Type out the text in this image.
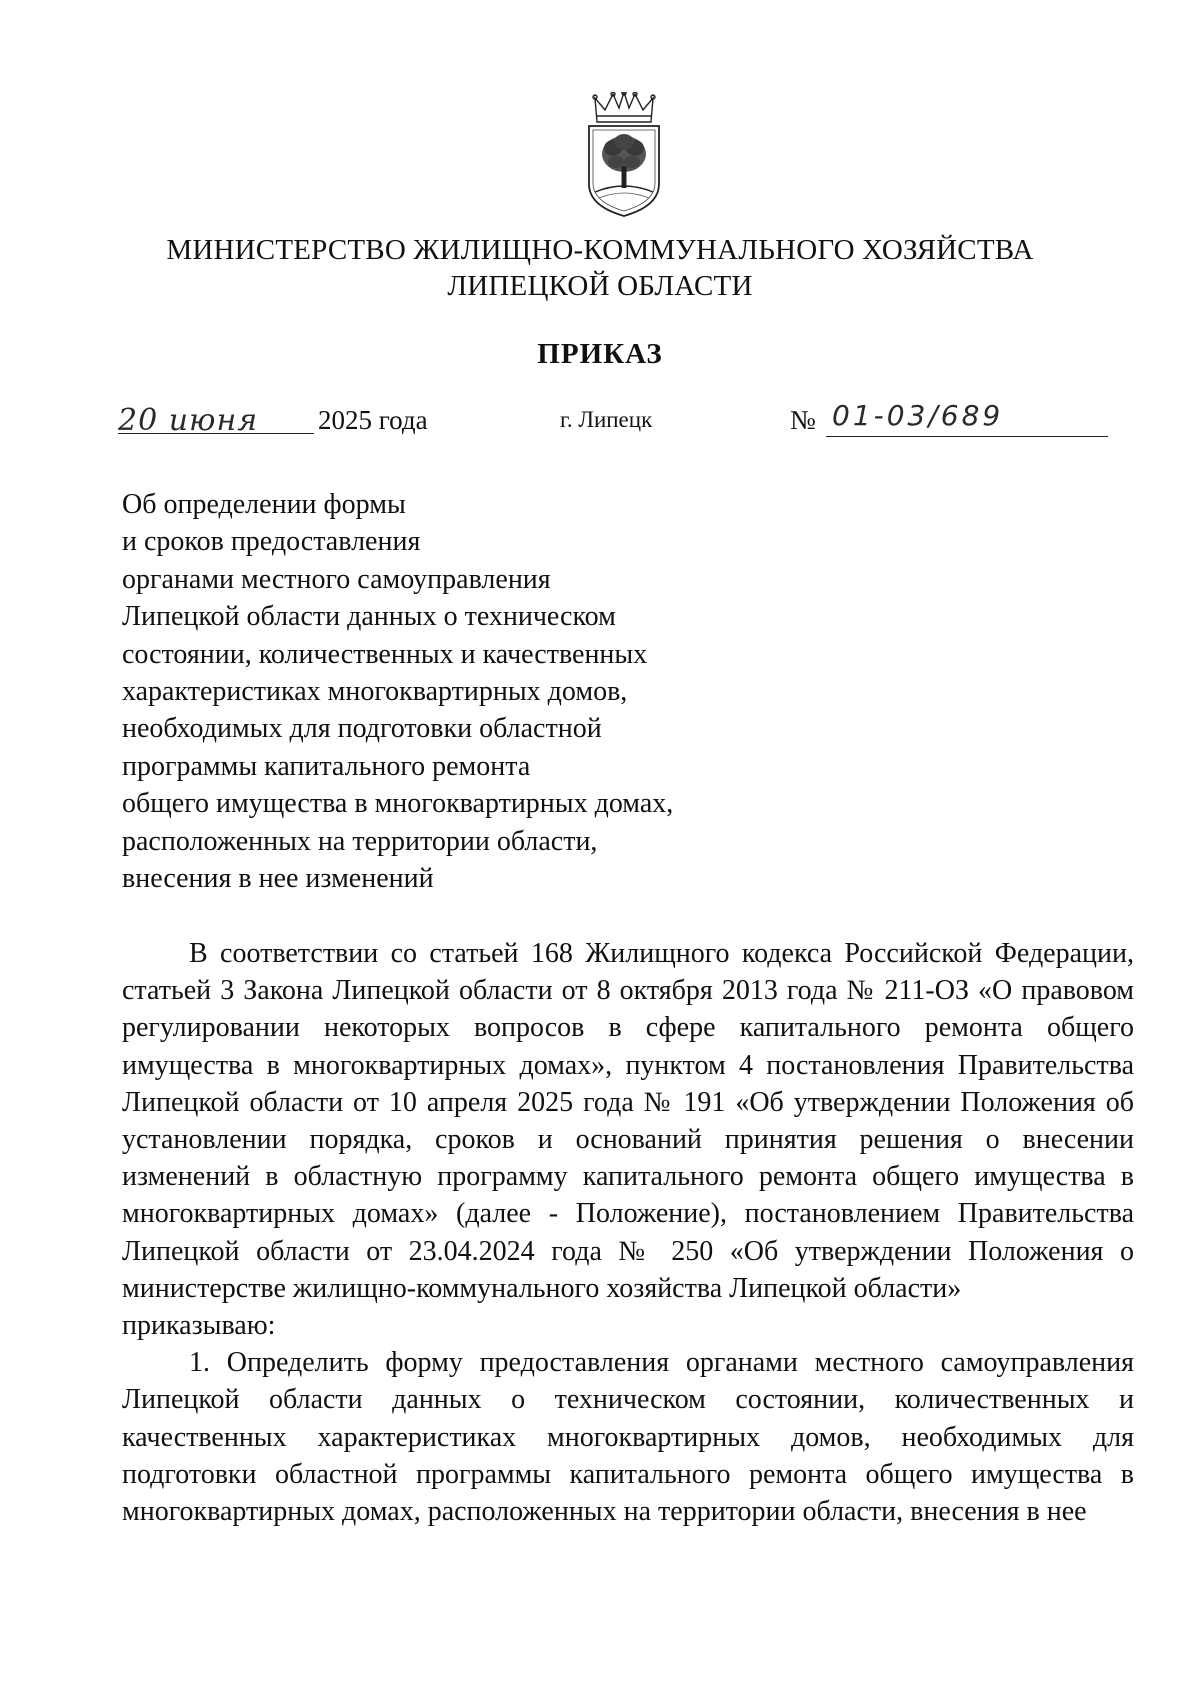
МИНИСТЕРСТВО ЖИЛИЩНО-КОММУНАЛЬНОГО ХОЗЯЙСТВА
ЛИПЕЦКОЙ ОБЛАСТИ
ПРИКАЗ
20 июня	2025 года	г. Липецк	№ 01-03/689
Об определении формы
и сроков предоставления
органами местного самоуправления
Липецкой области данных о техническом
состоянии, количественных и качественных
характеристиках многоквартирных домов,
необходимых для подготовки областной
программы капитального ремонта
общего имущества в многоквартирных домах,
расположенных на территории области,
внесения в нее изменений

В соответствии со статьей 168 Жилищного кодекса Российской Федерации, статьей 3 Закона Липецкой области от 8 октября 2013 года № 211-ОЗ «О правовом регулировании некоторых вопросов в сфере капитального ремонта общего имущества в многоквартирных домах», пунктом 4 постановления Правительства Липецкой области от 10 апреля 2025 года № 191 «Об утверждении Положения об установлении порядка, сроков и оснований принятия решения о внесении изменений в областную программу капитального ремонта общего имущества в многоквартирных домах» (далее - Положение), постановлением Правительства Липецкой области от 23.04.2024 года № 250 «Об утверждении Положения о министерстве жилищно-коммунального хозяйства Липецкой области»

приказываю:

1. Определить форму предоставления органами местного самоуправления Липецкой области данных о техническом состоянии, количественных и качественных характеристиках многоквартирных домов, необходимых для подготовки областной программы капитального ремонта общего имущества в многоквартирных домах, расположенных на территории области, внесения в нее
